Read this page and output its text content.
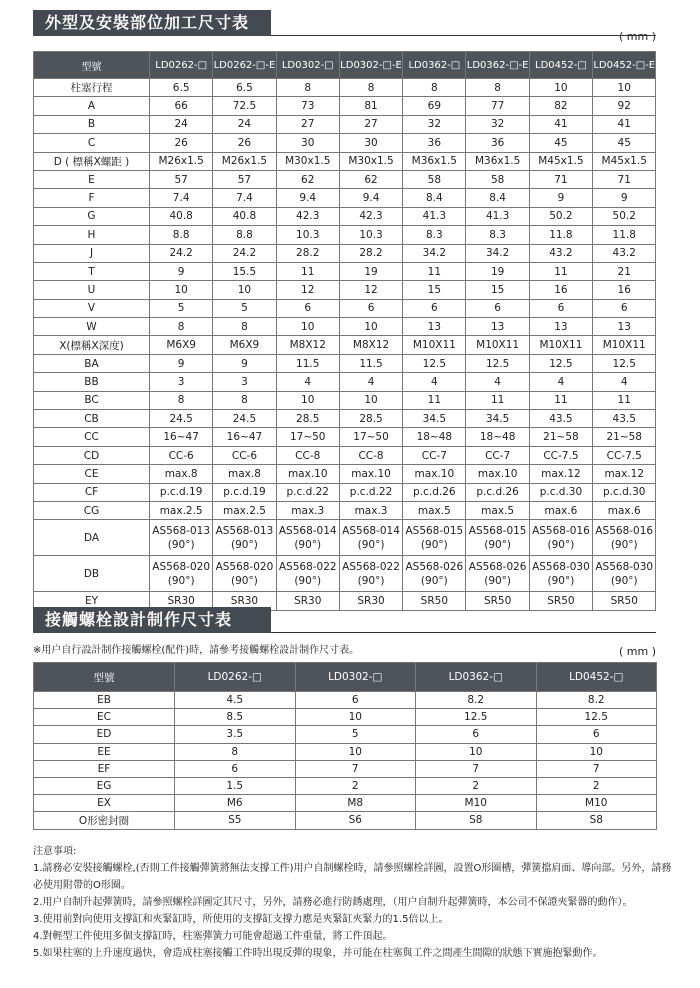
外型及安裝部位加工尺寸表
( mm )
型號	LD0262-□	LD0262-□-E	LD0302-□	LD0302-□-E	LD0362-□	LD0362-□-E	LD0452-□	LD0452-□-E
柱塞行程	6.5	6.5	8	8	8	8	10	10
A	66	72.5	73	81	69	77	82	92
B	24	24	27	27	32	32	41	41
C	26	26	30	30	36	36	45	45
D ( 標稱X螺距 )	M26x1.5	M26x1.5	M30x1.5	M30x1.5	M36x1.5	M36x1.5	M45x1.5	M45x1.5
E	57	57	62	62	58	58	71	71
F	7.4	7.4	9.4	9.4	8.4	8.4	9	9
G	40.8	40.8	42.3	42.3	41.3	41.3	50.2	50.2
H	8.8	8.8	10.3	10.3	8.3	8.3	11.8	11.8
J	24.2	24.2	28.2	28.2	34.2	34.2	43.2	43.2
T	9	15.5	11	19	11	19	11	21
U	10	10	12	12	15	15	16	16
V	5	5	6	6	6	6	6	6
W	8	8	10	10	13	13	13	13
X(標稱X深度)	M6X9	M6X9	M8X12	M8X12	M10X11	M10X11	M10X11	M10X11
BA	9	9	11.5	11.5	12.5	12.5	12.5	12.5
BB	3	3	4	4	4	4	4	4
BC	8	8	10	10	11	11	11	11
CB	24.5	24.5	28.5	28.5	34.5	34.5	43.5	43.5
CC	16~47	16~47	17~50	17~50	18~48	18~48	21~58	21~58
CD	CC-6	CC-6	CC-8	CC-8	CC-7	CC-7	CC-7.5	CC-7.5
CE	max.8	max.8	max.10	max.10	max.10	max.10	max.12	max.12
CF	p.c.d.19	p.c.d.19	p.c.d.22	p.c.d.22	p.c.d.26	p.c.d.26	p.c.d.30	p.c.d.30
CG	max.2.5	max.2.5	max.3	max.3	max.5	max.5	max.6	max.6
DA	AS568-013 (90°)	AS568-013 (90°)	AS568-014 (90°)	AS568-014 (90°)	AS568-015 (90°)	AS568-015 (90°)	AS568-016 (90°)	AS568-016 (90°)
DB	AS568-020 (90°)	AS568-020 (90°)	AS568-022 (90°)	AS568-022 (90°)	AS568-026 (90°)	AS568-026 (90°)	AS568-030 (90°)	AS568-030 (90°)
EY	SR30	SR30	SR30	SR30	SR50	SR50	SR50	SR50
接觸螺栓設計制作尺寸表
※用户自行設計制作接觸螺栓(配件)時，請參考接觸螺栓設計制作尺寸表。	( mm )
型號	LD0262-□	LD0302-□	LD0362-□	LD0452-□
EB	4.5	6	8.2	8.2
EC	8.5	10	12.5	12.5
ED	3.5	5	6	6
EE	8	10	10	10
EF	6	7	7	7
EG	1.5	2	2	2
EX	M6	M8	M10	M10
O形密封圈	S5	S6	S8	S8
注意事項:
1.請務必安裝接觸螺栓,(否則工件接觸彈簧將無法支撐工件)用户自制螺栓時，請參照螺栓詳圖，設置O形圈槽，彈簧擋肩面、導向部。另外，請務必使用附帶的O形圈。
2.用户自制升起彈簧時，請參照螺栓詳圖定其尺寸，另外，請務必進行防銹處理，（用户自制升起彈簧時，本公司不保證夾緊器的動作）。
3.使用前對向使用支撐缸和夾緊缸時，所使用的支撐缸支撐力應是夾緊缸夾緊力的1.5倍以上。
4.對輕型工件使用多個支撐缸時，柱塞彈簧力可能會超過工件重量，將工件頂起。
5.如果柱塞的上升速度過快，會造成柱塞接觸工件時出現反彈的現象，并可能在柱塞與工件之間產生間隙的狀態下實施抱緊動作。
